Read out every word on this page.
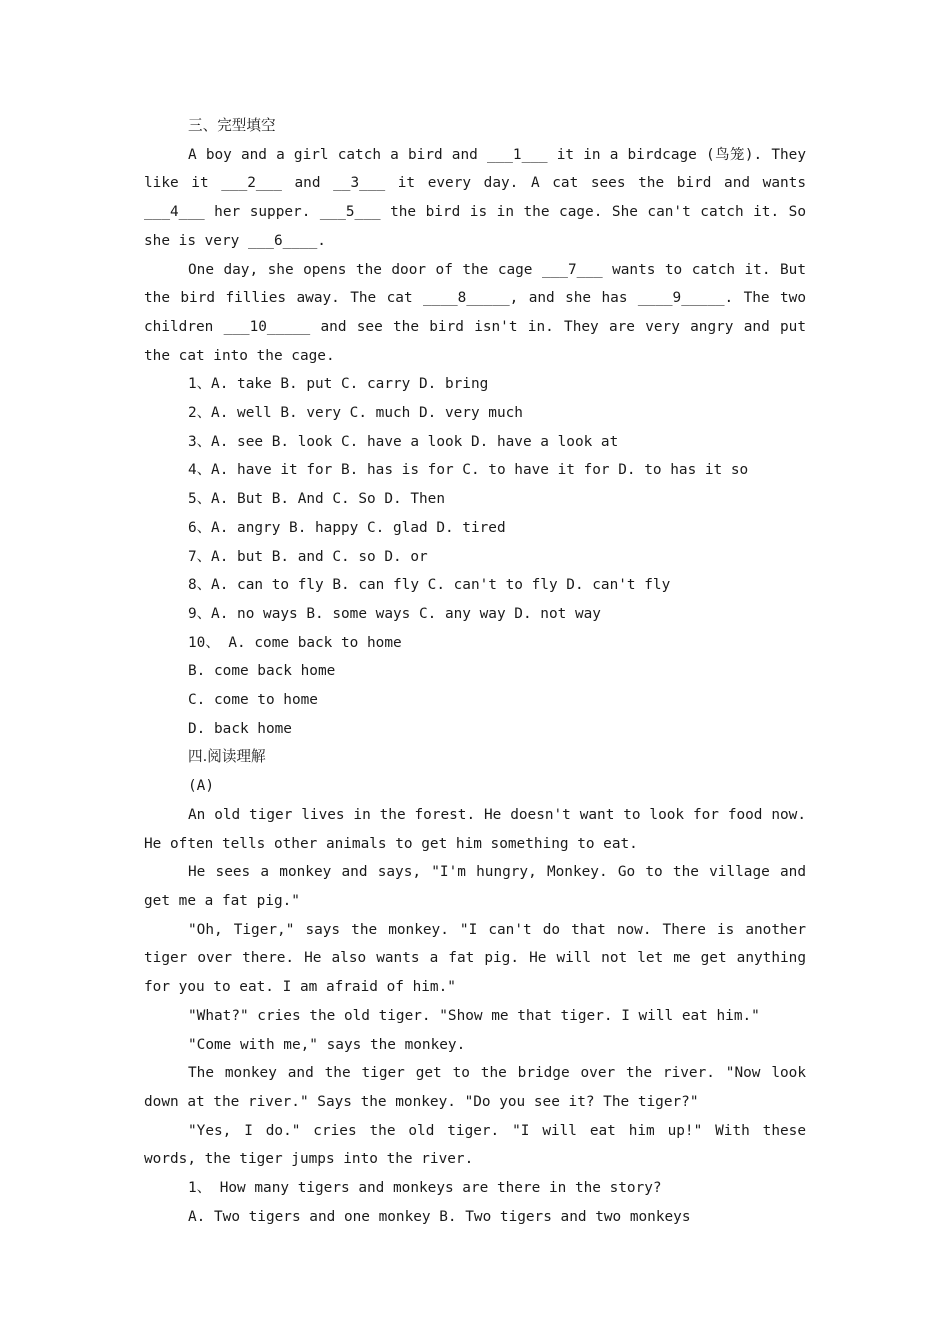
三、完型填空

A boy and a girl catch a bird and ___1___ it in a birdcage (鸟笼). They like it ___2___ and __3___ it every day. A cat sees the bird and wants ___4___ her supper. ___5___ the bird is in the cage. She can't catch it. So she is very ___6____.

One day, she opens the door of the cage ___7___ wants to catch it. But the bird fillies away. The cat ____8_____, and she has ____9_____. The two children ___10_____ and see the bird isn't in. They are very angry and put the cat into the cage.

1、A. take B. put C. carry D. bring

2、A. well B. very C. much D. very much

3、A. see B. look C. have a look D. have a look at

4、A. have it for B. has is for C. to have it for D. to has it so

5、A. But B. And C. So D. Then

6、A. angry B. happy C. glad D. tired

7、A. but B. and C. so D. or

8、A. can to fly B. can fly C. can't to fly D. can't fly

9、A. no ways B. some ways C. any way D. not way

10、 A. come back to home

B. come back home

C. come to home

D. back home

四.阅读理解

(A)

An old tiger lives in the forest. He doesn't want to look for food now. He often tells other animals to get him something to eat.

He sees a monkey and says, "I'm hungry, Monkey. Go to the village and get me a fat pig."

"Oh, Tiger," says the monkey. "I can't do that now. There is another tiger over there. He also wants a fat pig. He will not let me get anything for you to eat. I am afraid of him."

"What?" cries the old tiger. "Show me that tiger. I will eat him."

"Come with me," says the monkey.

The monkey and the tiger get to the bridge over the river. "Now look down at the river." Says the monkey. "Do you see it? The tiger?"

"Yes, I do." cries the old tiger. "I will eat him up!" With these words, the tiger jumps into the river.

1、 How many tigers and monkeys are there in the story?

A. Two tigers and one monkey B. Two tigers and two monkeys
